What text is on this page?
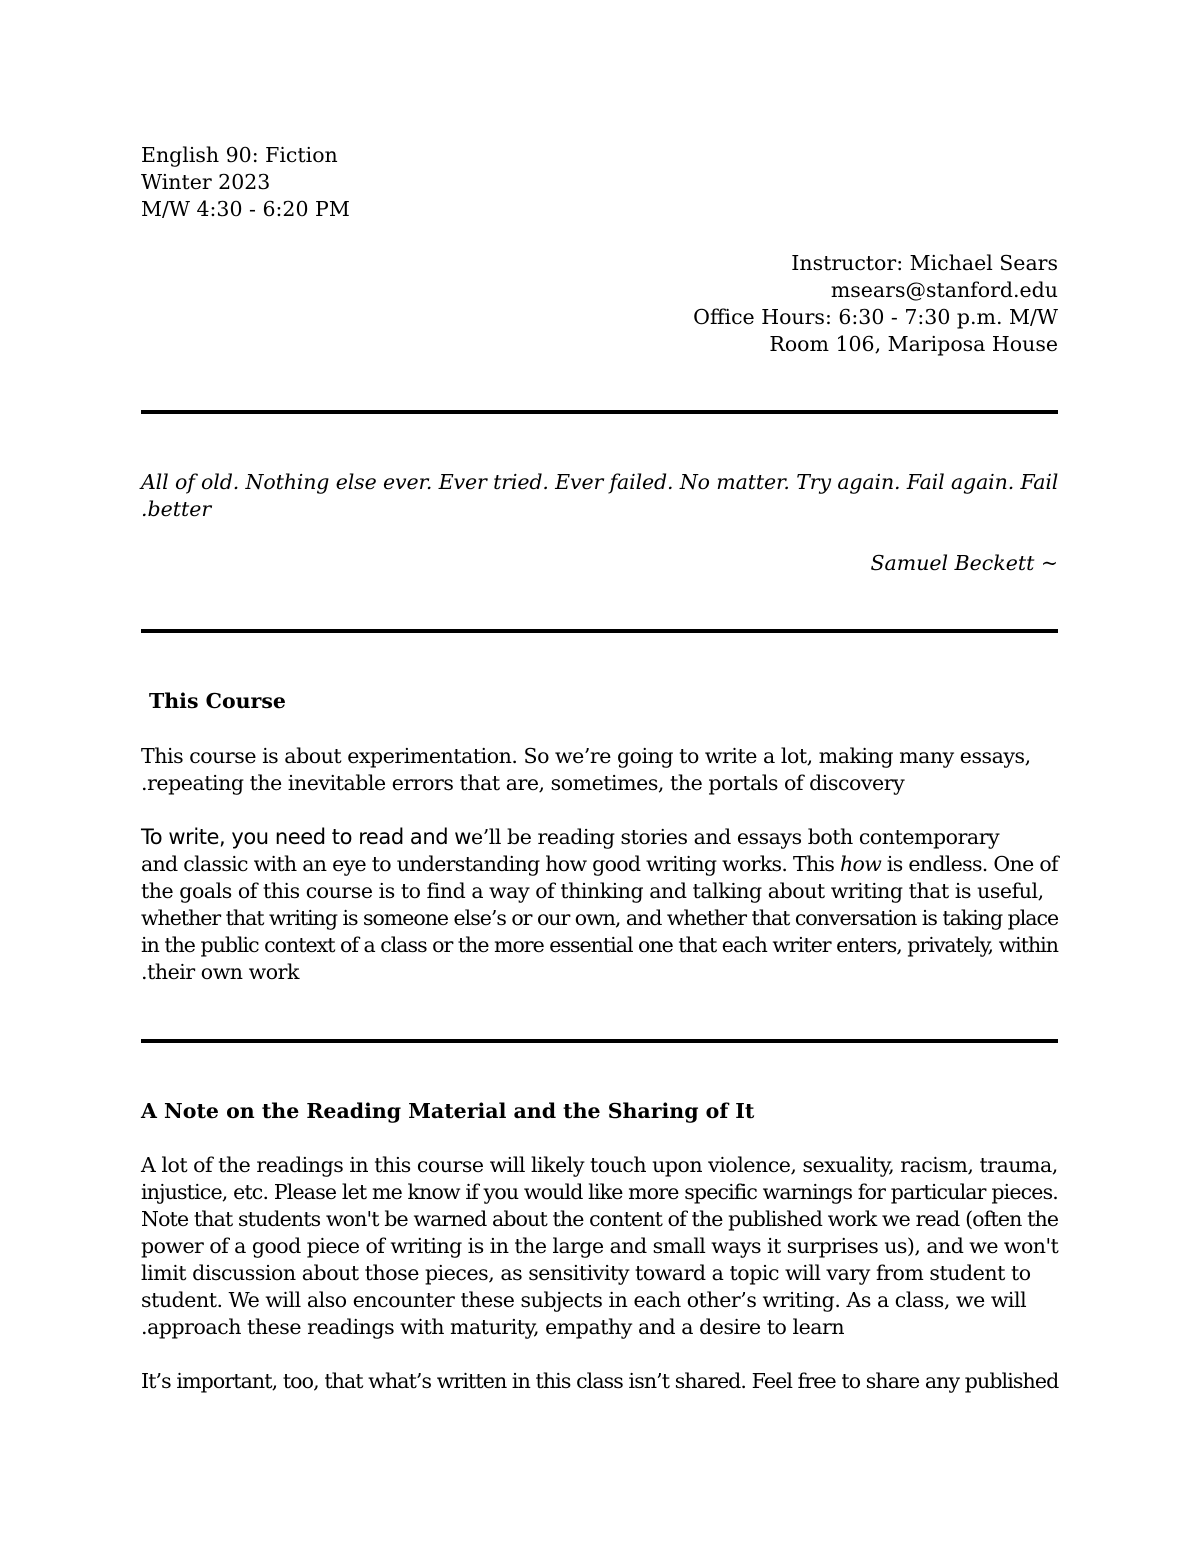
English 90: Fiction
Winter 2023
M/W 4:30 - 6:20 PM
Instructor: Michael Sears
msears@stanford.edu
Office Hours: 6:30 - 7:30 p.m. M/W
Room 106, Mariposa House
All of old. Nothing else ever. Ever tried. Ever failed. No matter. Try again. Fail again. Fail
.better
Samuel Beckett ~
This Course
This course is about experimentation. So we’re going to write a lot, making many essays,
.repeating the inevitable errors that are, sometimes, the portals of discovery
To write, you need to read and we’ll be reading stories and essays both contemporary
and classic with an eye to understanding how good writing works. This how is endless. One of
the goals of this course is to find a way of thinking and talking about writing that is useful,
whether that writing is someone else’s or our own, and whether that conversation is taking place
in the public context of a class or the more essential one that each writer enters, privately, within
.their own work
A Note on the Reading Material and the Sharing of It
A lot of the readings in this course will likely touch upon violence, sexuality, racism, trauma,
injustice, etc. Please let me know if you would like more specific warnings for particular pieces.
Note that students won't be warned about the content of the published work we read (often the
power of a good piece of writing is in the large and small ways it surprises us), and we won't
limit discussion about those pieces, as sensitivity toward a topic will vary from student to
student. We will also encounter these subjects in each other’s writing. As a class, we will
.approach these readings with maturity, empathy and a desire to learn
It’s important, too, that what’s written in this class isn’t shared. Feel free to share any published
